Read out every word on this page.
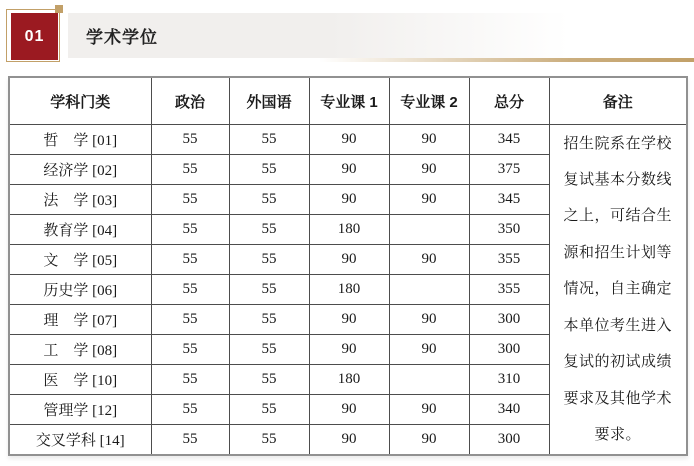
学术学位
01
学科门类	政治	外国语	专业课 1	专业课 2	总分	备注
哲　学 [01]	55	55	90	90	345	招生院系在学校
复试基本分数线
之上，可结合生
源和招生计划等
情况，自主确定
本单位考生进入
复试的初试成绩
要求及其他学术
要求。

经济学 [02]	55	55	90	90	375	
法　学 [03]	55	55	90	90	345	
教育学 [04]	55	55	180		350	
文　学 [05]	55	55	90	90	355	
历史学 [06]	55	55	180		355	
理　学 [07]	55	55	90	90	300	
工　学 [08]	55	55	90	90	300	
医　学 [10]	55	55	180		310	
管理学 [12]	55	55	90	90	340	
交叉学科 [14]	55	55	90	90	300	
